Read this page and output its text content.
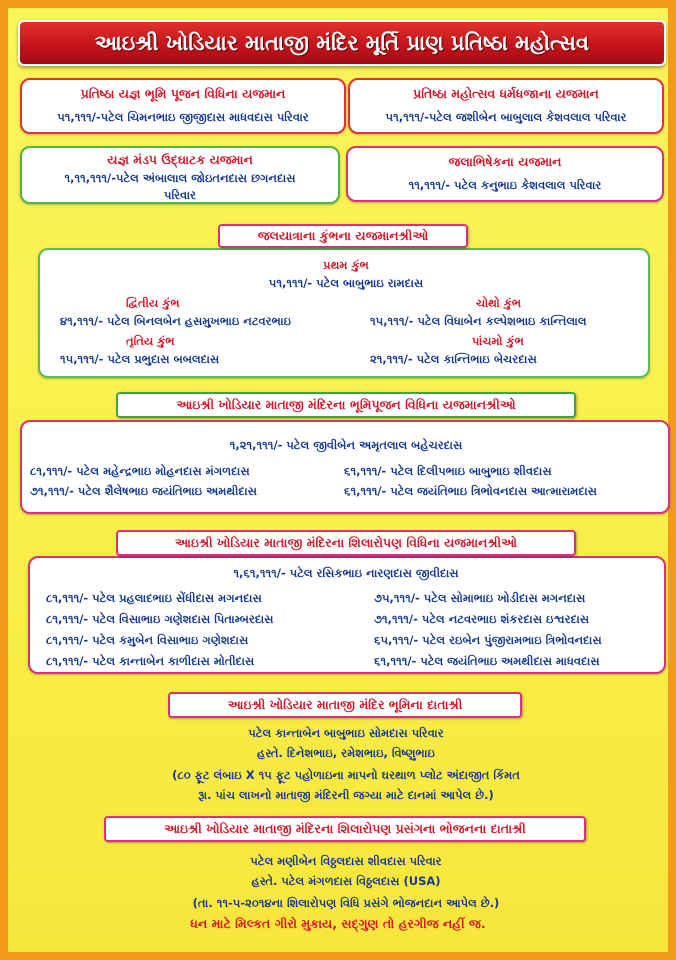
આઇશ્રી ખોડિયાર માતાજી મંદિર મૂર્તિ પ્રાણ પ્રતિષ્ઠા મહોત્સવ
પ્રતિષ્ઠા યજ્ઞ ભૂમિ પૂજન વિધિના યજમાન
૫૧,૧૧૧/-પટેલ ચિમનભાઇ જીજીદાસ માધવદાસ પરિવાર
પ્રતિષ્ઠા મહોત્સવ ધર્મધજાના યજમાન
૫૧,૧૧૧/-પટેલ જશીબેન બાબુલાલ કેશવલાલ પરિવાર
યજ્ઞ મંડપ ઉદ્ઘાટક યજમાન
૧,૧૧,૧૧૧/-પટેલ અંબાલાલ જોઇતનદાસ છગનદાસ
પરિવાર
જલાભિષેકના યજમાન
૧૧,૧૧૧/- પટેલ કનુભાઇ કેશવલાલ પરિવાર
જલયાત્રાના કુંભના યજમાનશ્રીઓ
પ્રથમ કુંભ
૫૧,૧૧૧/- પટેલ બાબુભાઇ રામદાસ
દ્વિતીય કુંભ
૪૧,૧૧૧/- પટેલ બિનલબેન હસમુખભાઇ નટવરભાઇ
ચોથો કુંભ
૧૫,૧૧૧/- પટેલ વિધાબેન કલ્પેશભાઇ કાન્તિલાલ
તૃતિય કુંભ
૧૫,૧૧૧/- પટેલ પ્રભુદાસ બબલદાસ
પાંચમો કુંભ
૨૧,૧૧૧/- પટેલ કાન્તિભાઇ બેચરદાસ
આઇશ્રી ખોડિયાર માતાજી મંદિરના ભૂમિપૂજન વિધિના યજમાનશ્રીઓ
૧,૨૧,૧૧૧/- પટેલ જીવીબેન અમૃતલાલ બહેચરદાસ
૮૧,૧૧૧/- પટેલ મહેન્દ્રભાઇ મોહનદાસ મંગળદાસ
૭૧,૧૧૧/- પટેલ શૈલેષભાઇ જયંતિભાઇ અમથીદાસ
૬૧,૧૧૧/- પટેલ દિલીપભાઇ બાબુભાઇ શીવદાસ
૬૧,૧૧૧/- પટેલ જયંતિભાઇ ત્રિભોવનદાસ આત્મારામદાસ
આઇશ્રી ખોડિયાર માતાજી મંદિરના શિલારોપણ વિધિના યજમાનશ્રીઓ
૧,૬૧,૧૧૧/- પટેલ રસિકભાઇ નારણદાસ જીવીદાસ
૮૧,૧૧૧/- પટેલ પ્રહલાદભાઇ સેંધીદાસ મગનદાસ
૮૧,૧૧૧/- પટેલ વિસાભાઇ ગણેશદાસ પિતામ્બરદાસ
૮૧,૧૧૧/- પટેલ કમુબેન વિસાભાઇ ગણેશદાસ
૮૧,૧૧૧/- પટેલ કાન્તાબેન કાળીદાસ મોતીદાસ
૭૫,૧૧૧/- પટેલ સોમાભાઇ ખોડીદાસ મગનદાસ
૭૧,૧૧૧/- પટેલ નટવરભાઇ શંકરદાસ ઇશ્વરદાસ
૬૫,૧૧૧/- પટેલ રઇબેન પુંજીરામભાઇ ત્રિભોવનદાસ
૬૧,૧૧૧/- પટેલ જયંતિભાઇ અમથીદાસ માધવદાસ
આઇશ્રી ખોડિયાર માતાજી મંદિર ભૂમિના દાતાશ્રી
પટેલ કાન્તાબેન બાબુભાઇ સોમદાસ પરિવાર
હસ્તે. દિનેશભાઇ, રમેશભાઇ, વિષ્ણુભાઇ
(૮૦ ફૂટ લંબાઇ X ૧૫ ફૂટ પહોળાઇના માપનો ઘરથાળ પ્લોટ અંદાજીત કિંમત
રૂા. પાંચ લાખનો માતાજી મંદિરની જગ્યા માટે દાનમાં આપેલ છે.)
આઇશ્રી ખોડિયાર માતાજી મંદિરના શિલારોપણ પ્રસંગના ભોજનના દાતાશ્રી
પટેલ મણીબેન વિઠ્ઠલદાસ શીવદાસ પરિવાર
હસ્તે. પટેલ મંગળદાસ વિઠ્ઠલદાસ (USA)
(તા. ૧૧-૫-૨૦૧૪ના શિલારોપણ વિધિ પ્રસંગે ભોજનદાન આપેલ છે.)
ધન માટે મિલ્કત ગીરો મુકાય, સદ્ગુણ તો હરગીજ નહીં જ.
